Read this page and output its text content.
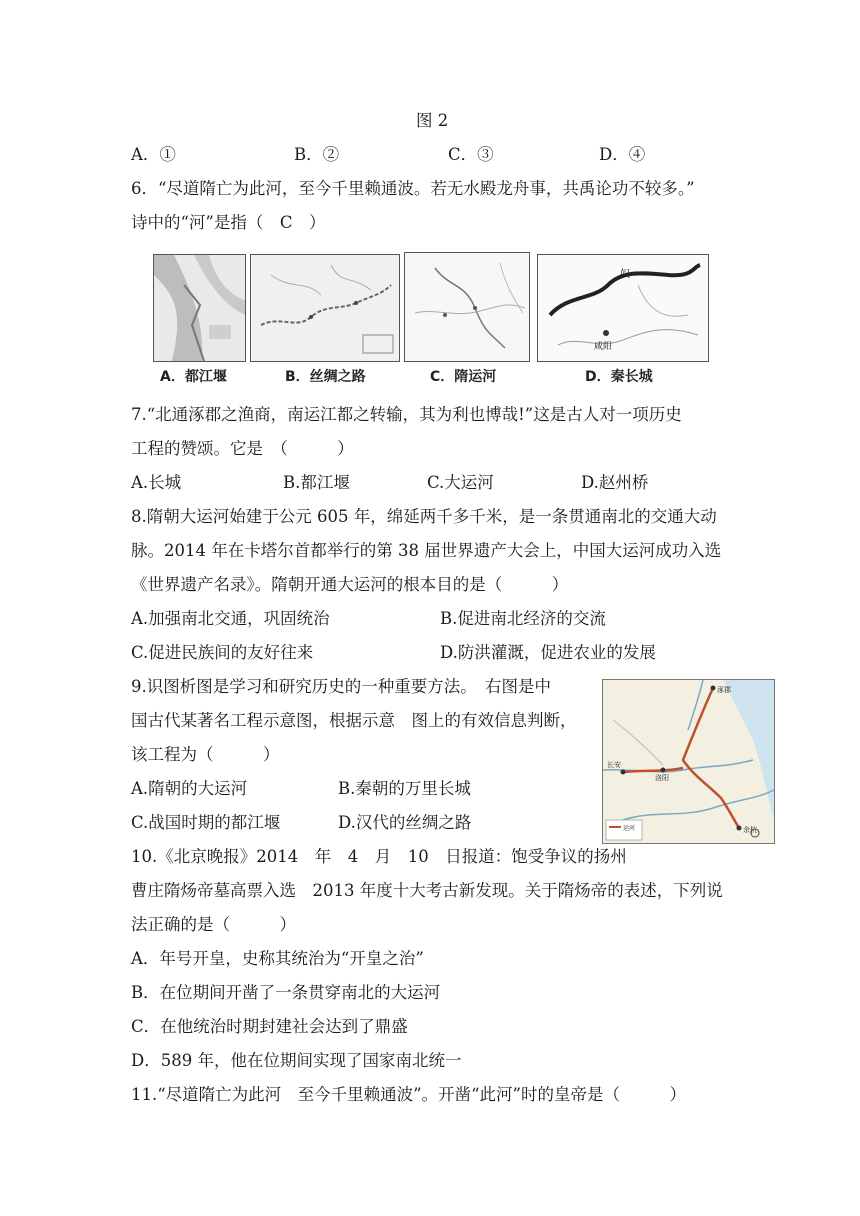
图 2
A．①	B．②	C．③	D．④
6．“尽道隋亡为此河，至今千里赖通波。若无水殿龙舟事，共禹论功不较多。”
诗中的“河”是指（　C　）
奴
咸阳
A．都江堰	B．丝绸之路	C．隋运河	D．秦长城
7.“北通涿郡之渔商，南运江都之转输，其为利也博哉!”这是古人对一项历史
工程的赞颂。它是　（　　　）
A.长城	B.都江堰	C.大运河	D.赵州桥
8.隋朝大运河始建于公元 605 年，绵延两千多千米，是一条贯通南北的交通大动
脉。2014 年在卡塔尔首都举行的第 38 届世界遗产大会上，中国大运河成功入选
《世界遗产名录》。隋朝开通大运河的根本目的是（　　　）
A.加强南北交通，巩固统治	B.促进南北经济的交流
C.促进民族间的友好往来	D.防洪灌溉，促进农业的发展
9.识图析图是学习和研究历史的一种重要方法。　右图是中
国古代某著名工程示意图，根据示意　图上的有效信息判断，
该工程为（　　　）
A.隋朝的大运河	B.秦朝的万里长城
C.战国时期的都江堰	D.汉代的丝绸之路
长安
洛阳
涿郡
余杭
运河
10.《北京晚报》2014　年　4　月　10　日报道：饱受争议的扬州
曹庄隋炀帝墓高票入选　2013 年度十大考古新发现。关于隋炀帝的表述，下列说
法正确的是（　　　）
A．年号开皇，史称其统治为“开皇之治”
B．在位期间开凿了一条贯穿南北的大运河
C．在他统治时期封建社会达到了鼎盛
D．589 年，他在位期间实现了国家南北统一
11.“尽道隋亡为此河　至今千里赖通波”。开凿“此河”时的皇帝是（　　　）
